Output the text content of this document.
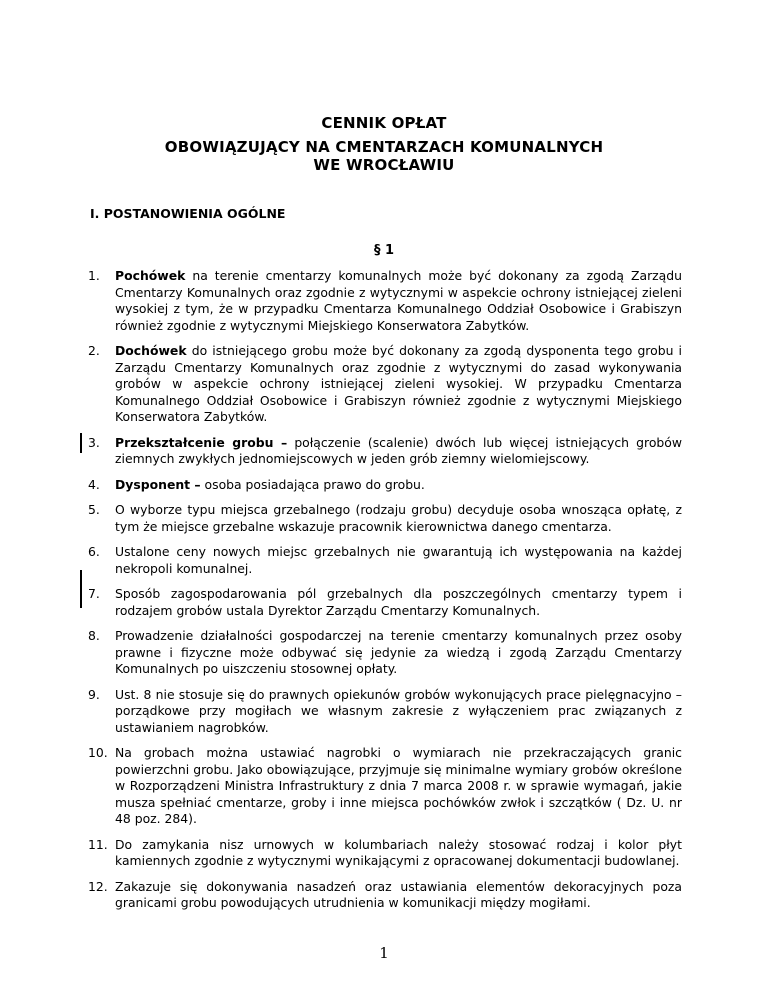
CENNIK OPŁAT
OBOWIĄZUJĄCY NA CMENTARZACH KOMUNALNYCH
WE WROCŁAWIU
I. POSTANOWIENIA OGÓLNE
§ 1
1.	Pochówek na terenie cmentarzy komunalnych może być dokonany za zgodą Zarządu Cmentarzy Komunalnych oraz zgodnie z wytycznymi w aspekcie ochrony istniejącej zieleni wysokiej z tym, że w przypadku Cmentarza Komunalnego Oddział Osobowice i Grabiszyn również zgodnie z wytycznymi Miejskiego Konserwatora Zabytków.
2.	Dochówek do istniejącego grobu może być dokonany za zgodą dysponenta tego grobu i Zarządu Cmentarzy Komunalnych oraz zgodnie z wytycznymi do zasad wykonywania grobów w aspekcie ochrony istniejącej zieleni wysokiej. W przypadku Cmentarza Komunalnego Oddział Osobowice i Grabiszyn również zgodnie z wytycznymi Miejskiego Konserwatora Zabytków.
3.	Przekształcenie grobu – połączenie (scalenie) dwóch lub więcej istniejących grobów ziemnych zwykłych jednomiejscowych w jeden grób ziemny wielomiejscowy.
4.	Dysponent – osoba posiadająca prawo do grobu.
5.	O wyborze typu miejsca grzebalnego (rodzaju grobu) decyduje osoba wnosząca opłatę, z tym że miejsce grzebalne wskazuje pracownik kierownictwa danego cmentarza.
6.	Ustalone ceny nowych miejsc grzebalnych nie gwarantują ich występowania na każdej nekropoli komunalnej.
7.	Sposób zagospodarowania pól grzebalnych dla poszczególnych cmentarzy typem i rodzajem grobów ustala Dyrektor Zarządu Cmentarzy Komunalnych.
8.	Prowadzenie działalności gospodarczej na terenie cmentarzy komunalnych przez osoby prawne i fizyczne może odbywać się jedynie za wiedzą i zgodą Zarządu Cmentarzy Komunalnych po uiszczeniu stosownej opłaty.
9.	Ust. 8 nie stosuje się do prawnych opiekunów grobów wykonujących prace pielęgnacyjno – porządkowe przy mogiłach we własnym zakresie z wyłączeniem prac związanych z ustawianiem nagrobków.
10. Na grobach można ustawiać nagrobki o wymiarach nie przekraczających granic powierzchni grobu. Jako obowiązujące, przyjmuje się minimalne wymiary grobów określone w Rozporządzeni Ministra Infrastruktury z dnia 7 marca 2008 r. w sprawie wymagań, jakie musza spełniać cmentarze, groby i inne miejsca pochówków zwłok i szczątków ( Dz. U. nr 48 poz. 284).
11. Do zamykania nisz urnowych w kolumbariach należy stosować rodzaj i kolor płyt kamiennych zgodnie z wytycznymi wynikającymi z opracowanej dokumentacji budowlanej.
12. Zakazuje się dokonywania nasadzeń oraz ustawiania elementów dekoracyjnych poza granicami grobu powodujących utrudnienia w komunikacji między mogiłami.
1
